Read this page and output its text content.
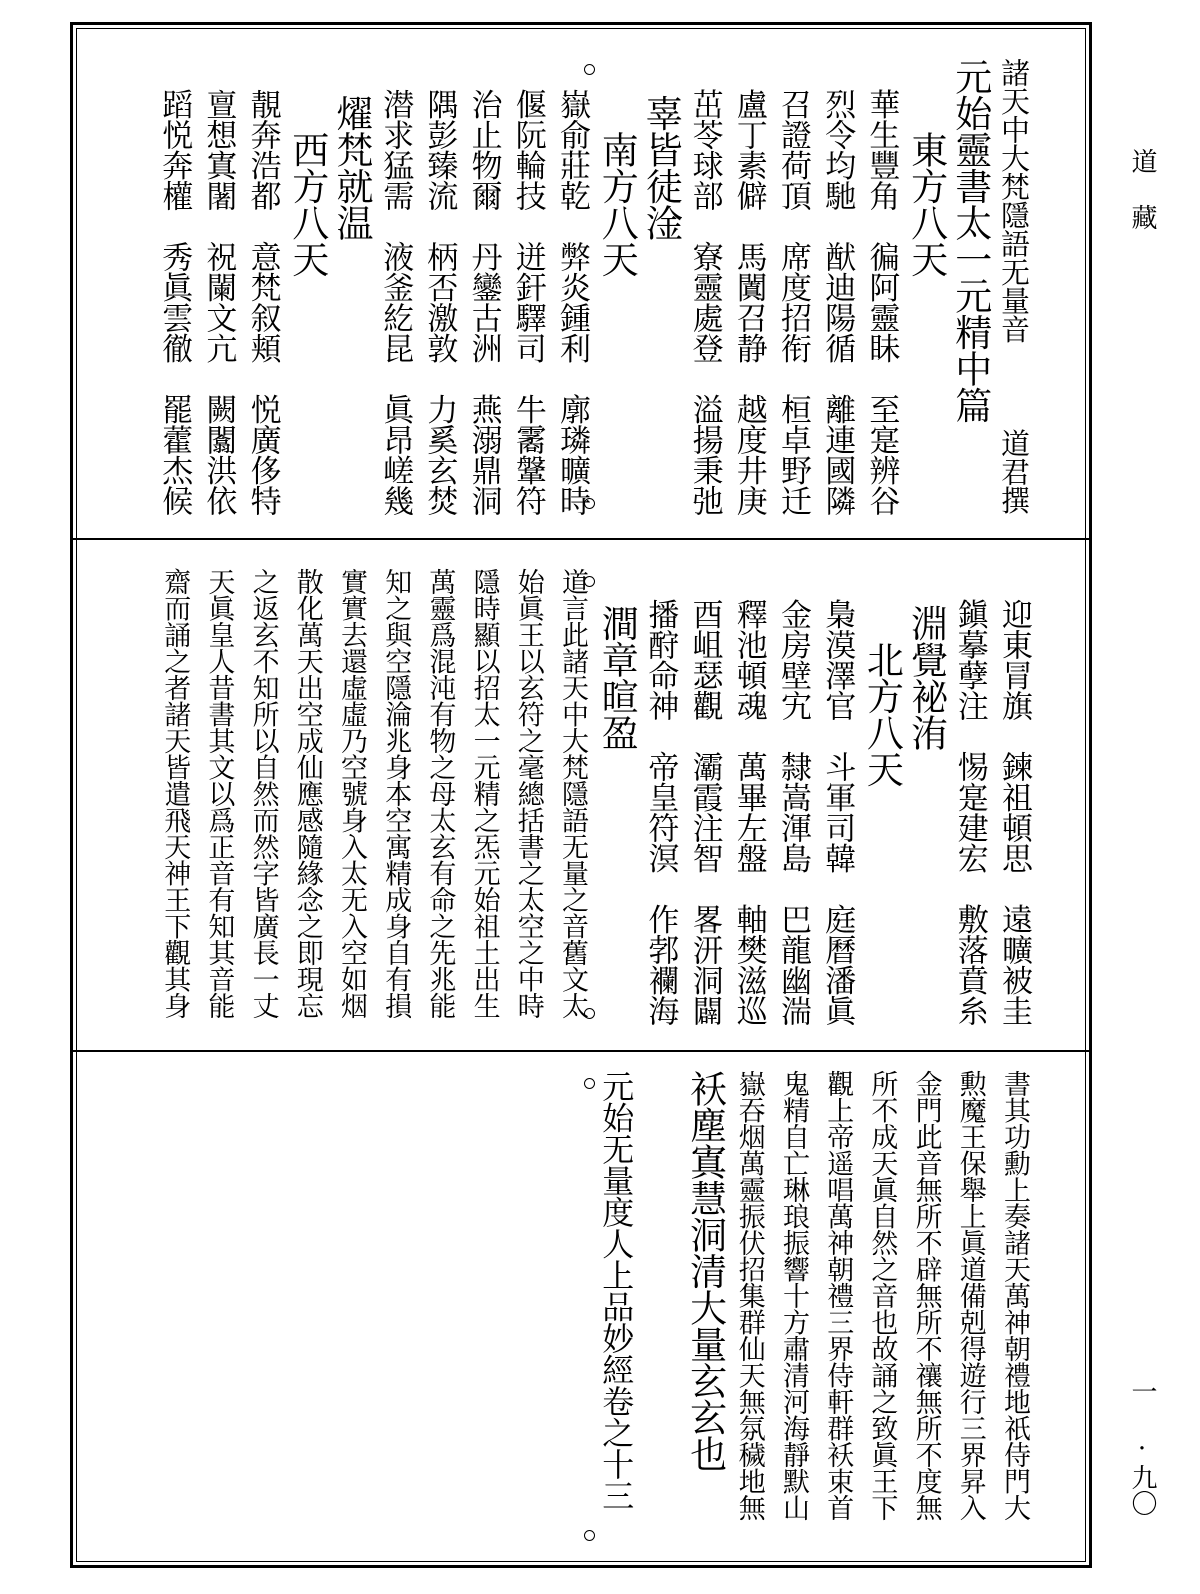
道 藏
一 ·九〇
諸天中大梵隱語无量音　　　道君撰
元始靈書太一元精中篇
　　東方八天
　華生豐角　徧阿靈眛　至寔辨谷
　烈令均馳　猷迪陽循　離連國隣
　召證荷頂　席度招衔　桓卓野迁
　盧丁素僻　馬闐召静　越度井庚
　茁苓球部　寮靈處登　溢揚秉弛
　辜皆徒淦
　　南方八天
　嶽俞莊乾　弊炎鍾利　廓璘曠時
　偃阮輪技　迸釬驛司　牛霱鞶符
　治止物爾　丹鑾古洲　燕溺鼎洞
　隅彭臻流　柄否激敦　力奚玄焚
　潜求猛需　液釜紇昆　眞昂嵯幾
　燿梵就温
　　西方八天
　靚奔浩都　意梵叙頬　悦廣侈特
　亶想寘闍　祝闌文亢　闕闟洪依
　蹈悦奔權　秀眞雲徹　罷藿杰候
　迎東冐旗　鍊祖頓思　遠曠被圭
　鎭摹孽注　惕寔建宏　敷落賁糸
　淵覺袐洧
　　北方八天
　梟漠澤官　斗軍司韓　庭曆潘眞
　金房壁宄　隸嵩渾島　巴龍幽湍
　釋池頓魂　萬畢左盤　軸樊滋巡
　酉岨瑟觀　灞霞注智　畧汧洞闢
　播酧命神　帝皇符溟　作郣襴海
　澗章暄盈
道言此諸天中大梵隱語无量之音舊文太
始眞王以玄符之毫總括書之太空之中時
隱時顯以招太一元精之炁元始祖土出生
萬靈爲混沌有物之母太玄有命之先兆能
知之與空隱淪兆身本空寓精成身自有損
實實去還虛虛乃空號身入太无入空如烟
散化萬天出空成仙應感隨緣念之即現忘
之返玄不知所以自然而然字皆廣長一丈
天眞皇人昔書其文以爲正音有知其音能
齋而誦之者諸天皆遣飛天神王下觀其身
書其功勳上奏諸天萬神朝禮地祇侍門大
勲魔王保舉上眞道備剋得遊行三界昇入
金門此音無所不辟無所不禳無所不度無
所不成天眞自然之音也故誦之致眞王下
觀上帝遥唱萬神朝禮三界侍軒群袄束首
鬼精自亡琳琅振響十方肅清河海靜默山
嶽吞烟萬靈振伏招集群仙天無氛穢地無
袄塵寘慧洞清大量玄玄也
元始无量度人上品妙經卷之十三
